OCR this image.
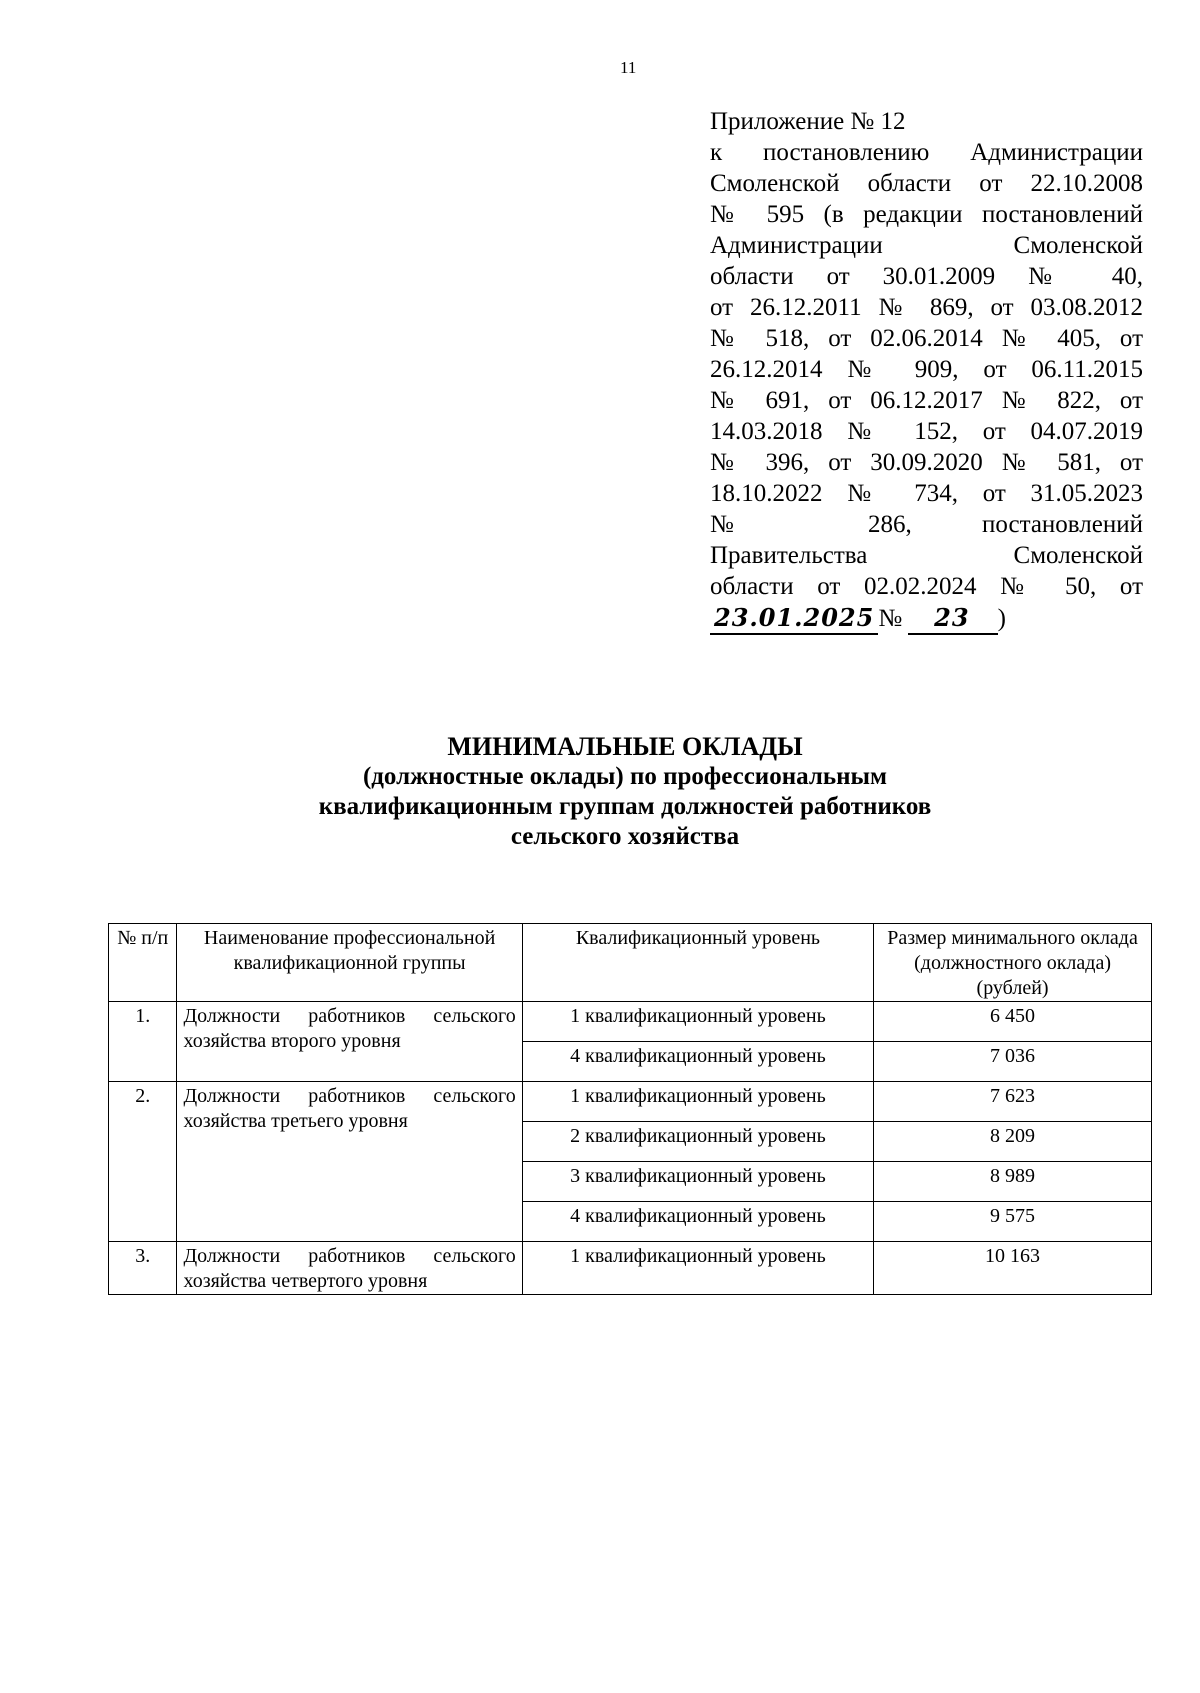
11
Приложение № 12
к постановлению Администрации
Смоленской области от 22.10.2008
№ 595 (в редакции постановлений
Администрации Смоленской
области от 30.01.2009 № 40,
от 26.12.2011 № 869, от 03.08.2012
№ 518, от 02.06.2014 № 405, от
26.12.2014 № 909, от 06.11.2015
№ 691, от 06.12.2017 № 822, от
14.03.2018 № 152, от 04.07.2019
№ 396, от 30.09.2020 № 581, от
18.10.2022 № 734, от 31.05.2023
№ 286, постановлений
Правительства Смоленской
области от 02.02.2024 № 50, от
23.01.2025 №	23	)
МИНИМАЛЬНЫЕ ОКЛАДЫ
(должностные оклады) по профессиональным
квалификационным группам должностей работников
сельского хозяйства
№ п/п	Наименование профессиональной квалификационной группы	Квалификационный уровень	Размер минимального оклада (должностного оклада) (рублей)
1.	Должности работников сельского хозяйства второго уровня	1 квалификационный уровень	6 450
		4 квалификационный уровень	7 036
2.	Должности работников сельского хозяйства третьего уровня	1 квалификационный уровень	7 623
		2 квалификационный уровень	8 209
		3 квалификационный уровень	8 989
		4 квалификационный уровень	9 575
3.	Должности работников сельского хозяйства четвертого уровня	1 квалификационный уровень	10 163
